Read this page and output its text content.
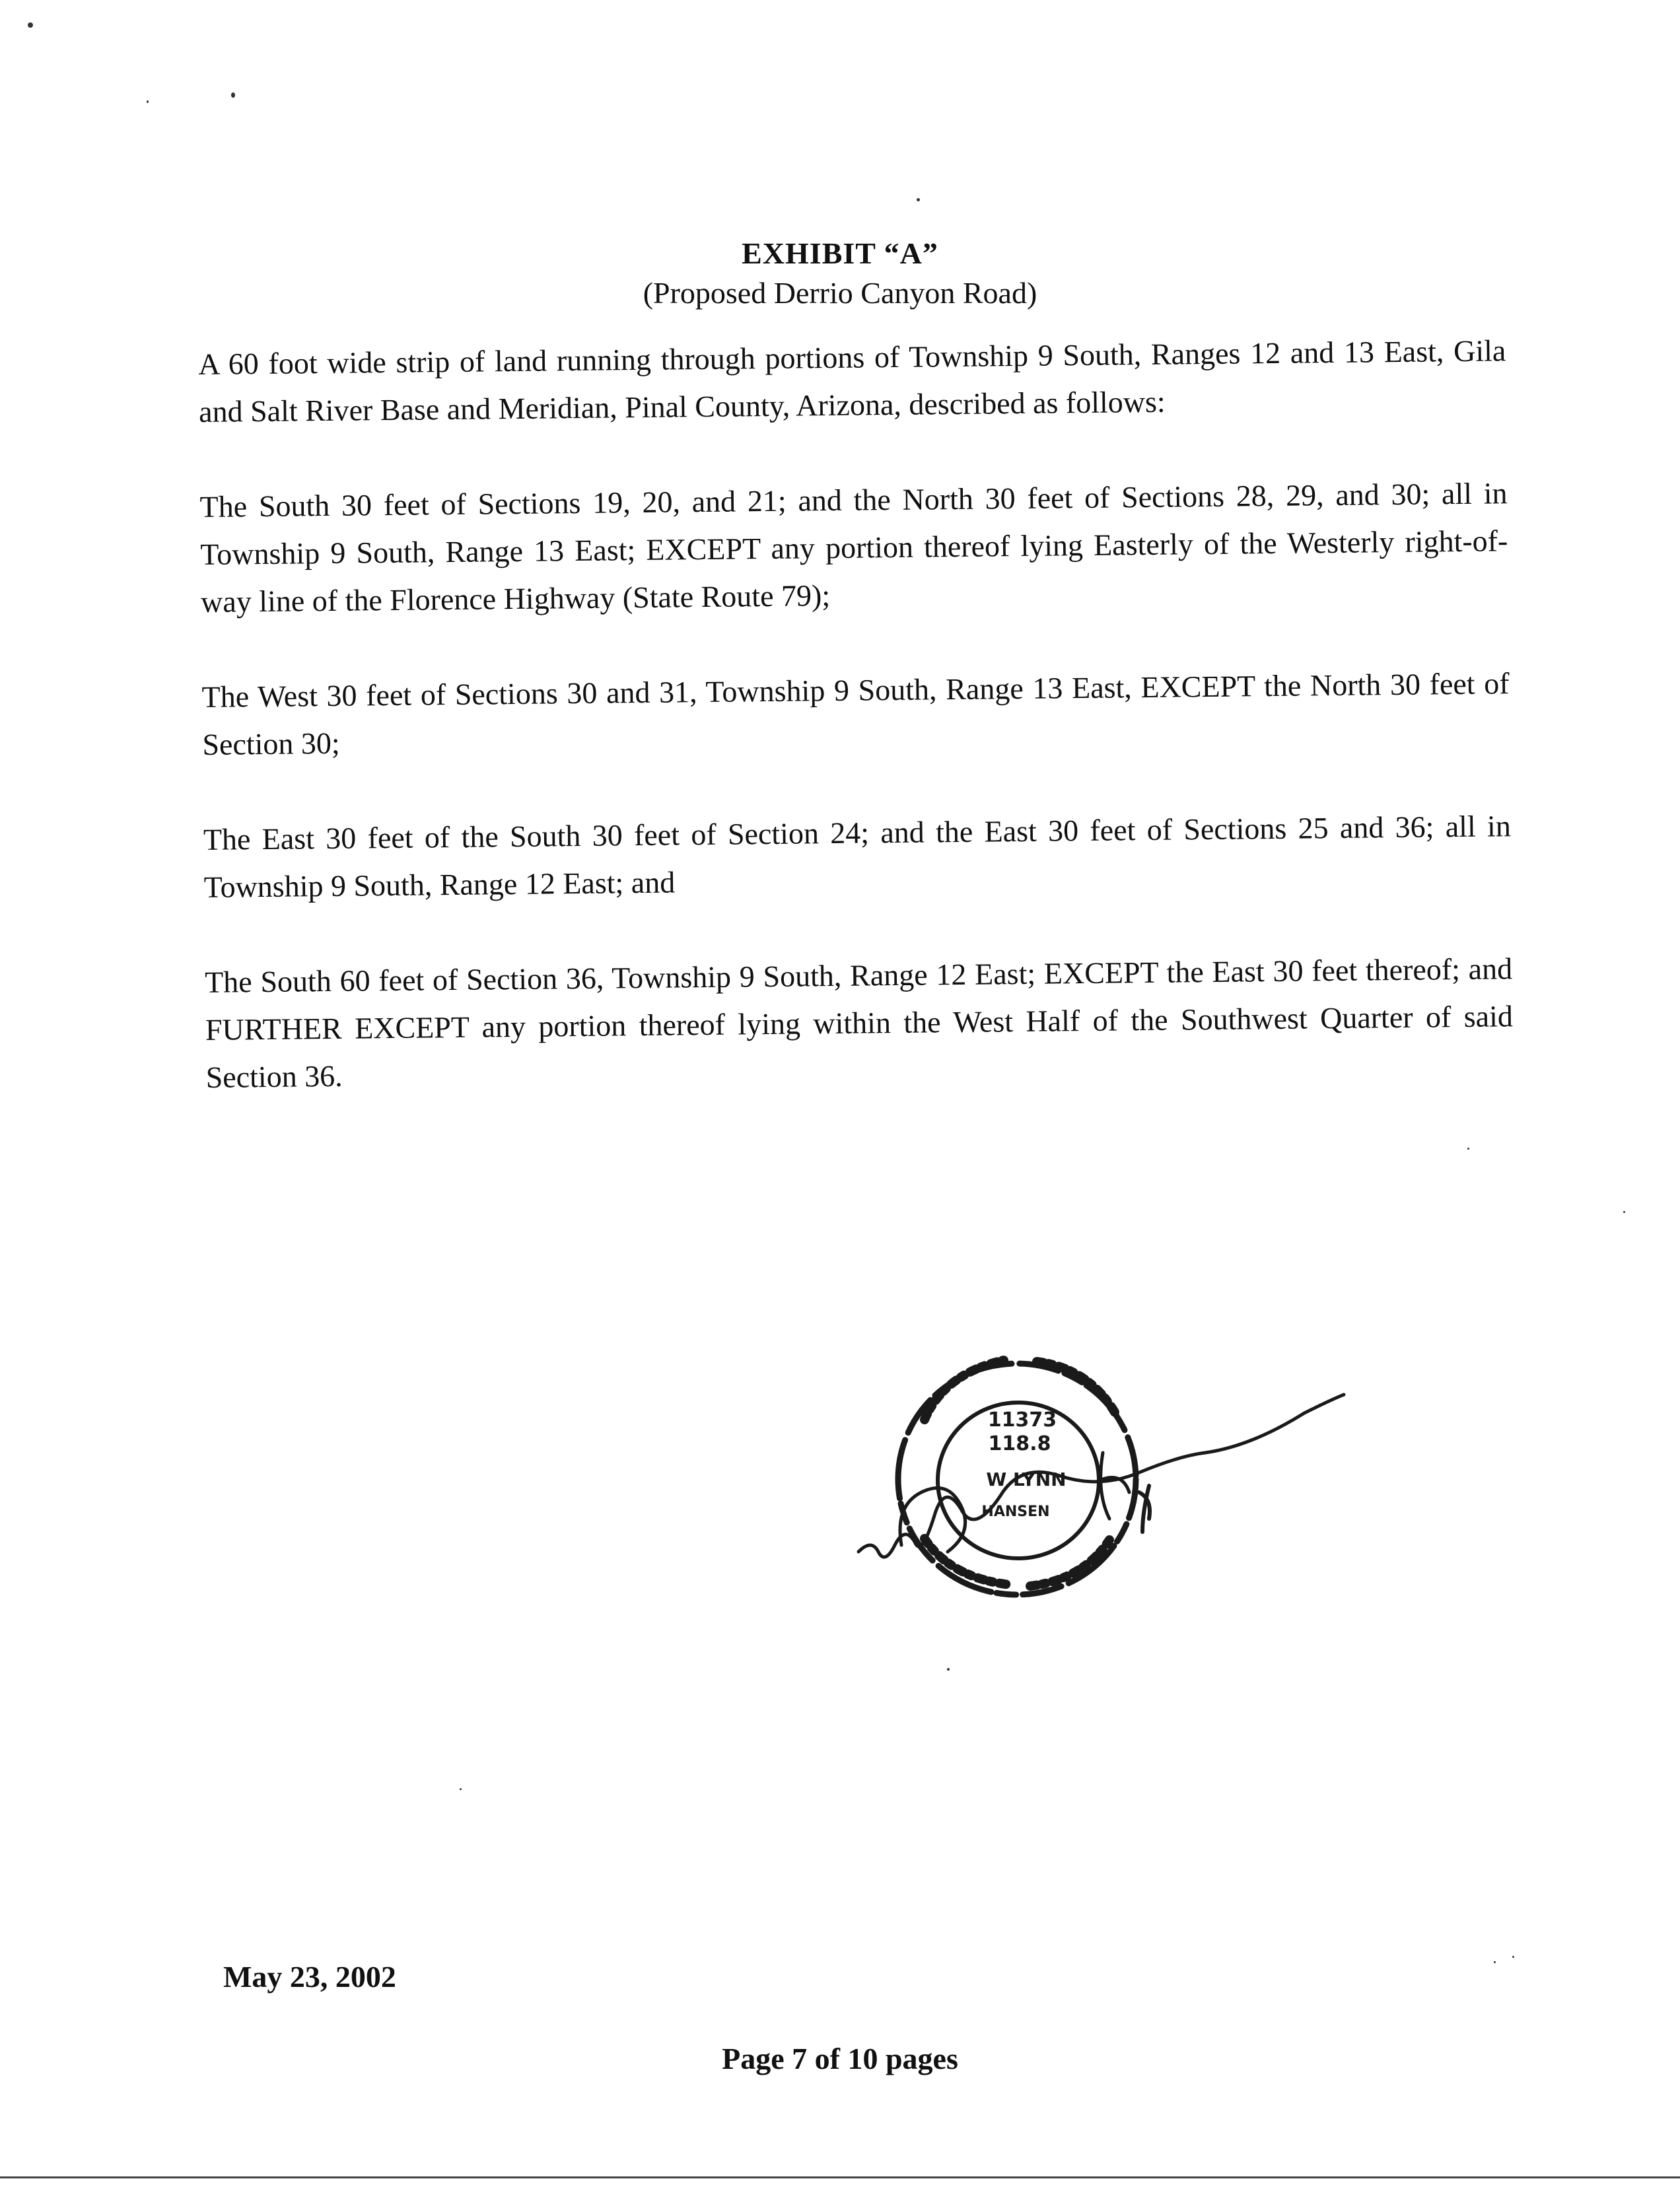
EXHIBIT “A”
(Proposed Derrio Canyon Road)

A 60 foot wide strip of land running through portions of Township 9 South, Ranges 12 and 13 East, Gila and Salt River Base and Meridian, Pinal County, Arizona, described as follows:

The South 30 feet of Sections 19, 20, and 21; and the North 30 feet of Sections 28, 29, and 30; all in Township 9 South, Range 13 East; EXCEPT any portion thereof lying Easterly of the Westerly right-of-way line of the Florence Highway (State Route 79);

The West 30 feet of Sections 30 and 31, Township 9 South, Range 13 East, EXCEPT the North 30 feet of Section 30;

The East 30 feet of the South 30 feet of Section 24; and the East 30 feet of Sections 25 and 36; all in Township 9 South, Range 12 East; and

The South 60 feet of Section 36, Township 9 South, Range 12 East; EXCEPT the East 30 feet thereof; and FURTHER EXCEPT any portion thereof lying within the West Half of the Southwest Quarter of said Section 36.

11373
118.8
W LYNN
HANSEN
May 23, 2002
Page 7 of 10 pages
